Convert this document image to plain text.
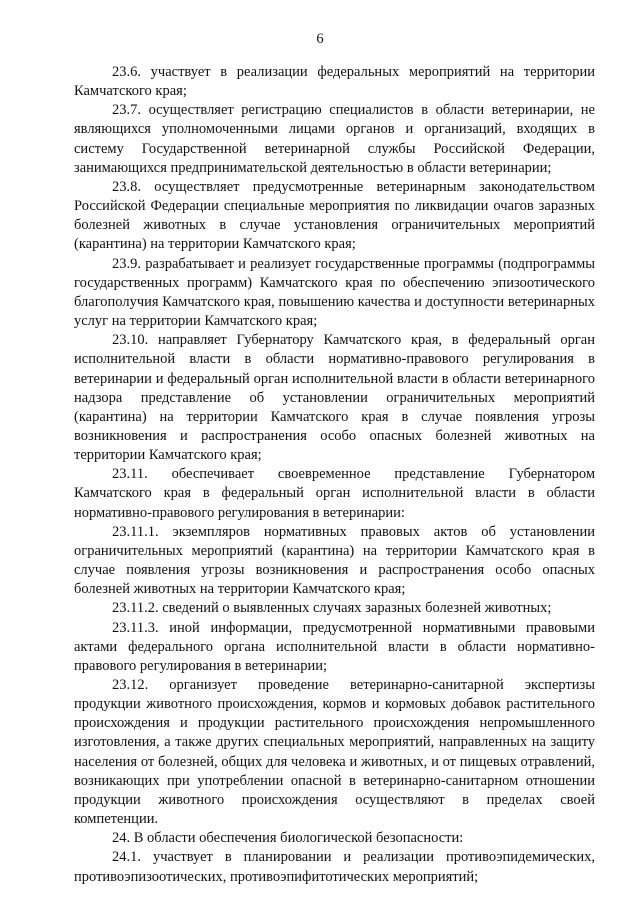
6
23.6. участвует в реализации федеральных мероприятий на территории Камчатского края;
23.7. осуществляет регистрацию специалистов в области ветеринарии, не являющихся уполномоченными лицами органов и организаций, входящих в систему Государственной ветеринарной службы Российской Федерации, занимающихся предпринимательской деятельностью в области ветеринарии;
23.8. осуществляет предусмотренные ветеринарным законодательством Российской Федерации специальные мероприятия по ликвидации очагов заразных болезней животных в случае установления ограничительных мероприятий (карантина) на территории Камчатского края;
23.9. разрабатывает и реализует государственные программы (подпрограммы государственных программ) Камчатского края по обеспечению эпизоотического благополучия Камчатского края, повышению качества и доступности ветеринарных услуг на территории Камчатского края;
23.10. направляет Губернатору Камчатского края, в федеральный орган исполнительной власти в области нормативно-правового регулирования в ветеринарии и федеральный орган исполнительной власти в области ветеринарного надзора представление об установлении ограничительных мероприятий (карантина) на территории Камчатского края в случае появления угрозы возникновения и распространения особо опасных болезней животных на территории Камчатского края;
23.11. обеспечивает своевременное представление Губернатором Камчатского края в федеральный орган исполнительной власти в области нормативно-правового регулирования в ветеринарии:
23.11.1. экземпляров нормативных правовых актов об установлении ограничительных мероприятий (карантина) на территории Камчатского края в случае появления угрозы возникновения и распространения особо опасных болезней животных на территории Камчатского края;
23.11.2. сведений о выявленных случаях заразных болезней животных;
23.11.3. иной информации, предусмотренной нормативными правовыми актами федерального органа исполнительной власти в области нормативно-правового регулирования в ветеринарии;
23.12. организует проведение ветеринарно-санитарной экспертизы продукции животного происхождения, кормов и кормовых добавок растительного происхождения и продукции растительного происхождения непромышленного изготовления, а также других специальных мероприятий, направленных на защиту населения от болезней, общих для человека и животных, и от пищевых отравлений, возникающих при употреблении опасной в ветеринарно-санитарном отношении продукции животного происхождения осуществляют в пределах своей компетенции.
24. В области обеспечения биологической безопасности:
24.1. участвует в планировании и реализации противоэпидемических, противоэпизоотических, противоэпифитотических мероприятий;
